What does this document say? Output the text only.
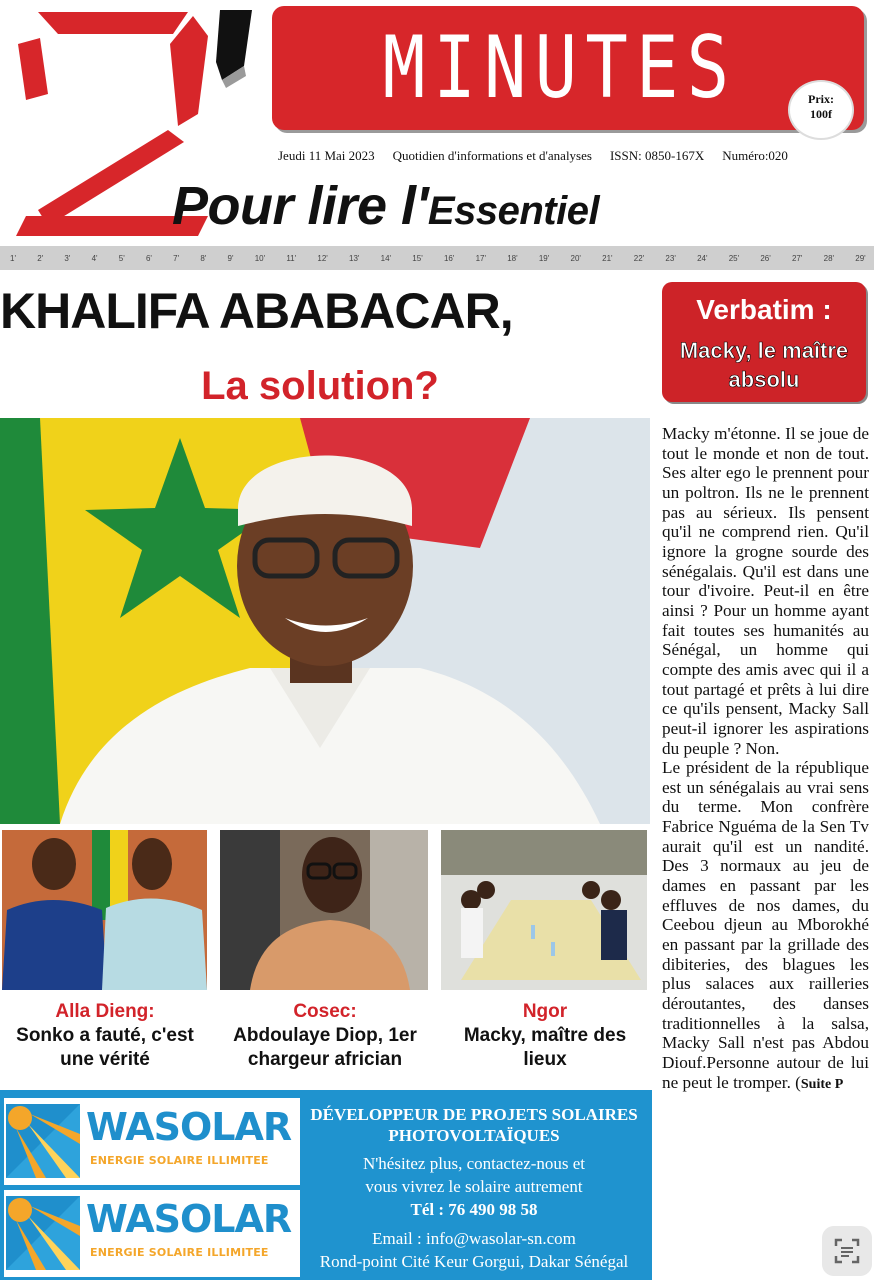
MINUTES	Prix:
100f
Jeudi 11 Mai 2023 Quotidien d'informations et d'analyses ISSN: 0850-167X Numéro:020
Pour lire l'Essentiel
1'	2'	3'	4'	5'	6'	7'	8'	9'	10'	11'	12'	13'	14'	15'	16'	17'	18'	19'	20'	21'	22'	23'	24'	25'	26'	27'	28'	29'
KHALIFA ABABACAR,
La solution?
Verbatim :
Macky, le maître absolu

Macky m'étonne. Il se joue de tout le monde et non de tout. Ses alter ego le prennent pour un poltron. Ils ne le prennent pas au sérieux. Ils pensent qu'il ne comprend rien. Qu'il ignore la grogne sourde des sénégalais. Qu'il est dans une tour d'ivoire. Peut-il en être ainsi ? Pour un homme ayant fait toutes ses humanités au Sénégal, un homme qui compte des amis avec qui il a tout partagé et prêts à lui dire ce qu'ils pensent, Macky Sall peut-il ignorer les aspirations du peuple ? Non.

Le président de la république est un sénégalais au vrai sens du terme. Mon confrère Fabrice Nguéma de la Sen Tv aurait qu'il est un nandité. Des 3 normaux au jeu de dames en passant par les effluves de nos dames, du Ceebou djeun au Mborokhé en passant par la grillade des dibiteries, des blagues les plus salaces aux railleries déroutantes, des danses traditionnelles à la salsa, Macky Sall n'est pas Abdou Diouf.Personne autour de lui ne peut le tromper. (Suite P

Alla Dieng:
Sonko a fauté, c'est une vérité
Cosec:
Abdoulaye Diop, 1er chargeur africian
Ngor
Macky, maître des lieux
WASOLAR
ENERGIE SOLAIRE ILLIMITEE
WASOLAR
ENERGIE SOLAIRE ILLIMITEE
DÉVELOPPEUR DE PROJETS SOLAIRES PHOTOVOLTAÏQUES
N'hésitez plus, contactez-nous et
vous vivrez le solaire autrement
Tél : 76 490 98 58
Email : info@wasolar-sn.com
Rond-point Cité Keur Gorgui, Dakar Sénégal
